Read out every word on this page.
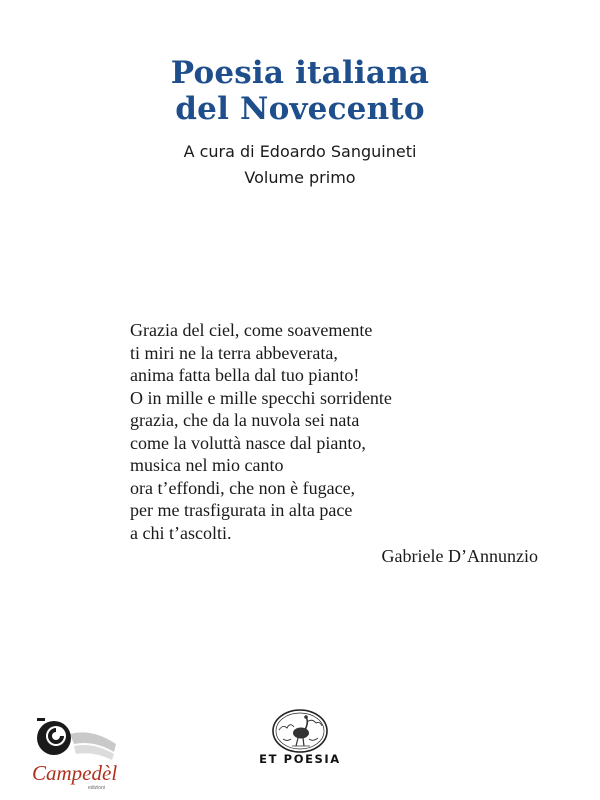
Poesia italiana
del Novecento
A cura di Edoardo Sanguineti
Volume primo
Grazia del ciel, come soavemente
ti miri ne la terra abbeverata,
anima fatta bella dal tuo pianto!
O in mille e mille specchi sorridente
grazia, che da la nuvola sei nata
come la voluttà nasce dal pianto,
musica nel mio canto
ora t’effondi, che non è fugace,
per me trasfigurata in alta pace
a chi t’ascolti.
Gabriele D’Annunzio
ET POESIA
Campedèl
edizioni
